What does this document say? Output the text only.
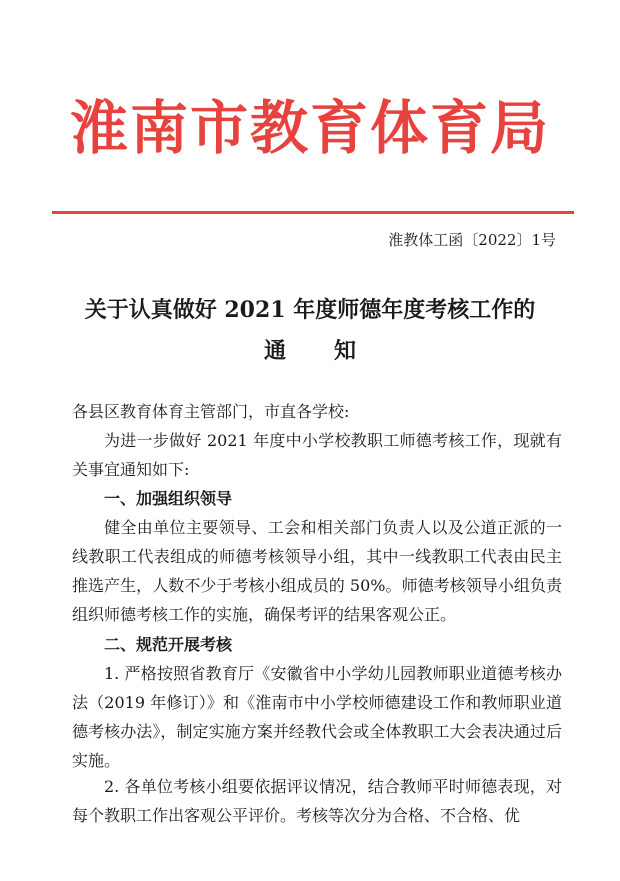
淮南市教育体育局
淮教体工函〔2022〕1号
关于认真做好 2021 年度师德年度考核工作的
通知
各县区教育体育主管部门，市直各学校:
为进一步做好 2021 年度中小学校教职工师德考核工作，现就有关事宜通知如下:
一、加强组织领导
健全由单位主要领导、工会和相关部门负责人以及公道正派的一线教职工代表组成的师德考核领导小组，其中一线教职工代表由民主推选产生，人数不少于考核小组成员的 50%。师德考核领导小组负责组织师德考核工作的实施，确保考评的结果客观公正。
二、规范开展考核
1. 严格按照省教育厅《安徽省中小学幼儿园教师职业道德考核办法（2019 年修订）》和《淮南市中小学校师德建设工作和教师职业道德考核办法》，制定实施方案并经教代会或全体教职工大会表决通过后实施。
2. 各单位考核小组要依据评议情况，结合教师平时师德表现，对每个教职工作出客观公平评价。考核等次分为合格、不合格、优
